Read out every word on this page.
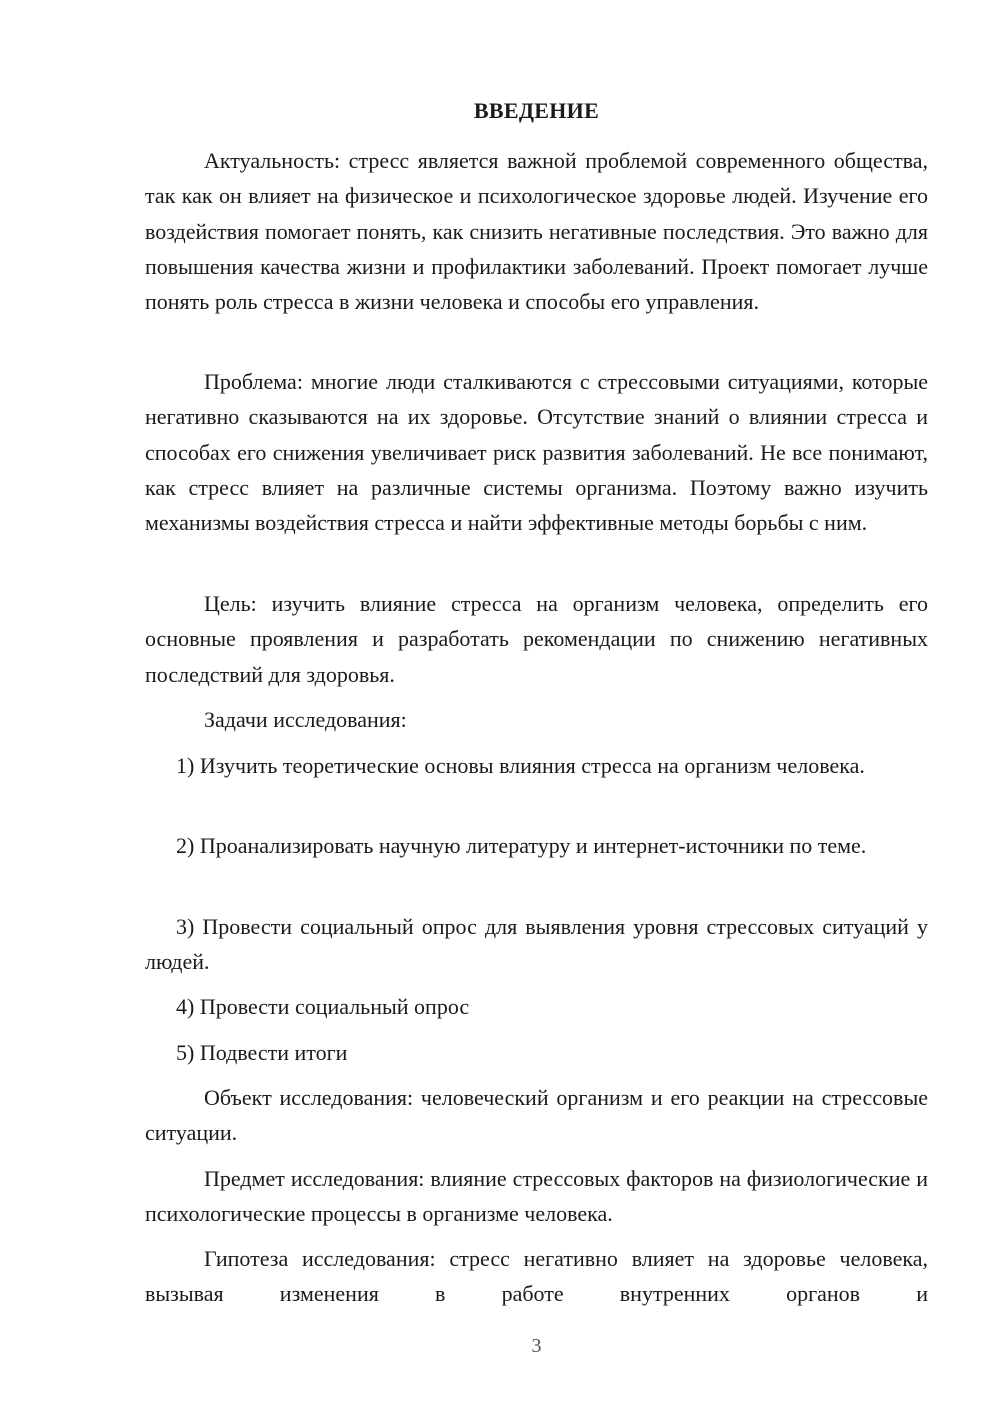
ВВЕДЕНИЕ

Актуальность: стресс является важной проблемой современного общества, так как он влияет на физическое и психологическое здоровье людей. Изучение его воздействия помогает понять, как снизить негативные последствия. Это важно для повышения качества жизни и профилактики заболеваний. Проект помогает лучше понять роль стресса в жизни человека и способы его управления.

Проблема: многие люди сталкиваются с стрессовыми ситуациями, которые негативно сказываются на их здоровье. Отсутствие знаний о влиянии стресса и способах его снижения увеличивает риск развития заболеваний. Не все понимают, как стресс влияет на различные системы организма. Поэтому важно изучить механизмы воздействия стресса и найти эффективные методы борьбы с ним.

Цель: изучить влияние стресса на организм человека, определить его основные проявления и разработать рекомендации по снижению негативных последствий для здоровья.

Задачи исследования:

1) Изучить теоретические основы влияния стресса на организм человека.

2) Проанализировать научную литературу и интернет-источники по теме.

3) Провести социальный опрос для выявления уровня стрессовых ситуаций у людей.

4) Провести социальный опрос

5) Подвести итоги

Объект исследования: человеческий организм и его реакции на стрессовые ситуации.

Предмет исследования: влияние стрессовых факторов на физиологические и психологические процессы в организме человека.

Гипотеза исследования: стресс негативно влияет на здоровье человека, вызывая изменения в работе внутренних органов и

3
